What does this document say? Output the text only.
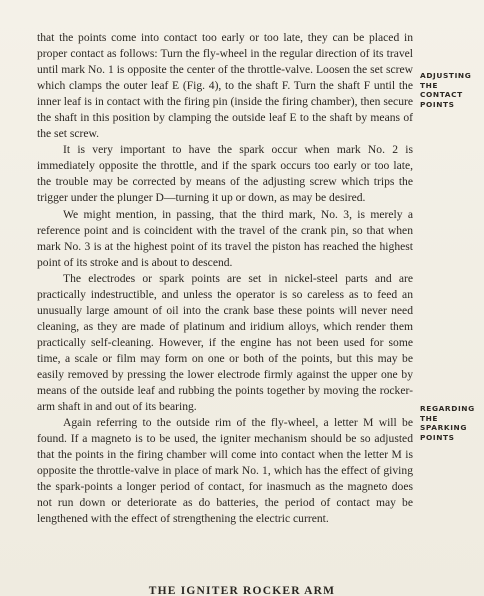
that the points come into contact too early or too late, they can be placed in proper contact as follows: Turn the fly-wheel in the regular direction of its travel until mark No. 1 is opposite the center of the throttle-valve. Loosen the set screw which clamps the outer leaf E (Fig. 4), to the shaft F. Turn the shaft F until the inner leaf is in contact with the firing pin (inside the firing chamber), then secure the shaft in this position by clamping the outside leaf E to the shaft by means of the set screw.

It is very important to have the spark occur when mark No. 2 is immediately opposite the throttle, and if the spark occurs too early or too late, the trouble may be corrected by means of the adjusting screw which trips the trigger under the plunger D—turning it up or down, as may be desired.

We might mention, in passing, that the third mark, No. 3, is merely a reference point and is coincident with the travel of the crank pin, so that when mark No. 3 is at the highest point of its travel the piston has reached the highest point of its stroke and is about to descend.

The electrodes or spark points are set in nickel-steel parts and are practically indestructible, and unless the operator is so careless as to feed an unusually large amount of oil into the crank base these points will never need cleaning, as they are made of platinum and iridium alloys, which render them practically self-cleaning. However, if the engine has not been used for some time, a scale or film may form on one or both of the points, but this may be easily removed by pressing the lower electrode firmly against the upper one by means of the outside leaf and rubbing the points together by moving the rocker-arm shaft in and out of its bearing.

Again referring to the outside rim of the fly-wheel, a letter M will be found. If a magneto is to be used, the igniter mechanism should be so adjusted that the points in the firing chamber will come into contact when the letter M is opposite the throttle-valve in place of mark No. 1, which has the effect of giving the spark-points a longer period of contact, for inasmuch as the magneto does not run down or deteriorate as do batteries, the period of contact may be lengthened with the effect of strengthening the electric current.

ADJUSTING
THE
CONTACT
POINTS
REGARDING
THE
SPARKING
POINTS
THE IGNITER ROCKER ARM
